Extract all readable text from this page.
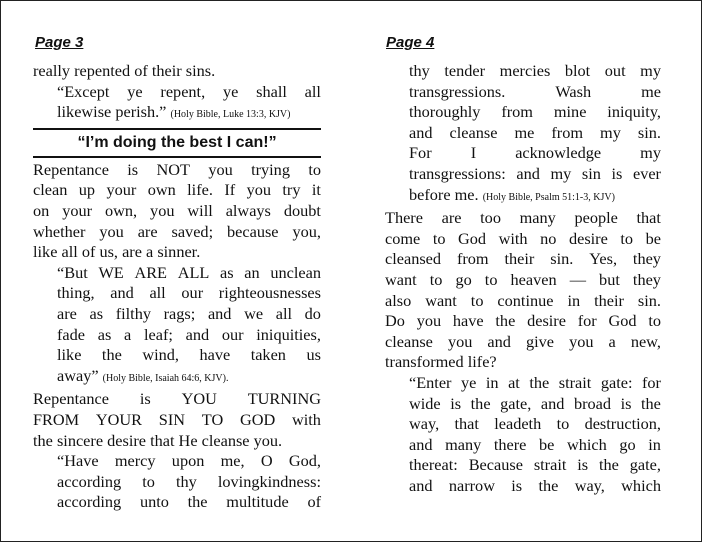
Page 3
really repented of their sins.
“Except ye repent, ye shall all
likewise perish.” (Holy Bible, Luke 13:3, KJV)
“I’m doing the best I can!”
Repentance is NOT you trying to
clean up your own life. If you try it
on your own, you will always doubt
whether you are saved; because you,
like all of us, are a sinner.
“But WE ARE ALL as an unclean
thing, and all our righteousnesses
are as filthy rags; and we all do
fade as a leaf; and our iniquities,
like the wind, have taken us
away” (Holy Bible, Isaiah 64:6, KJV).
Repentance is YOU TURNING
FROM YOUR SIN TO GOD with
the sincere desire that He cleanse you.
“Have mercy upon me, O God,
according to thy lovingkindness:
according unto the multitude of
Page 4
thy tender mercies blot out my
transgressions.	Wash	me
thoroughly from mine iniquity,
and cleanse me from my sin.
For I acknowledge my
transgressions: and my sin is ever
before me. (Holy Bible, Psalm 51:1-3, KJV)
There are too many people that
come to God with no desire to be
cleansed from their sin. Yes, they
want to go to heaven — but they
also want to continue in their sin.
Do you have the desire for God to
cleanse you and give you a new,
transformed life?
“Enter ye in at the strait gate: for
wide is the gate, and broad is the
way, that leadeth to destruction,
and many there be which go in
thereat: Because strait is the gate,
and narrow is the way, which
